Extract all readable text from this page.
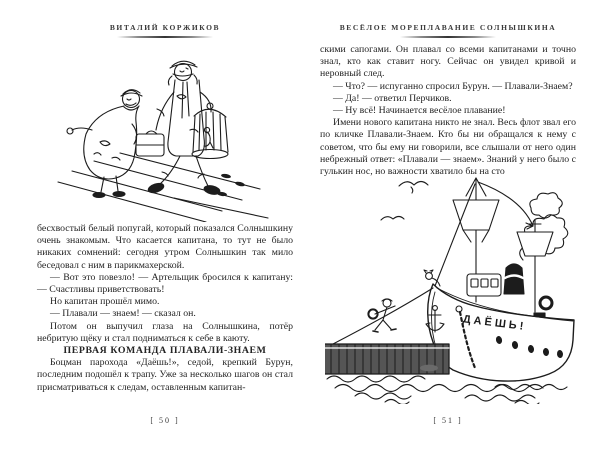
ВИТАЛИЙ КОРЖИКОВ

бесхвостый белый попугай, который показался Солнышкину очень знакомым. Что касается капитана, то тут не было никаких сомнений: сегодня утром Солнышкин так мило беседовал с ним в парикмахерской.

— Вот это повезло! — Артельщик бросился к капитану: — Счастливы приветствовать!

Но капитан прошёл мимо.

— Плавали — знаем! — сказал он.

Потом он выпучил глаза на Солнышкина, потёр небритую щёку и стал подниматься к себе в каюту.

ПЕРВАЯ КОМАНДА ПЛАВАЛИ-ЗНАЕМ

Боцман парохода «Даёшь!», седой, крепкий Бурун, последним подошёл к трапу. Уже за несколько шагов он стал присматриваться к следам, оставленным капитан-

[ 50 ]
ВЕСЁЛОЕ МОРЕПЛАВАНИЕ СОЛНЫШКИНА

скими сапогами. Он плавал со всеми капитанами и точно знал, кто как ставит ногу. Сейчас он увидел кривой и неровный след.

— Что? — испуганно спросил Бурун. — Плавали-Знаем?

— Да! — ответил Перчиков.

— Ну всё! Начинается весёлое плавание!

Имени нового капитана никто не знал. Весь флот звал его по кличке Плавали-Знаем. Кто бы ни обращался к нему с советом, что бы ему ни говорили, все слышали от него один небрежный ответ: «Плавали — знаем». Знаний у него было с гулькин нос, но важности хватило бы на сто

ДАЁШЬ!
[ 51 ]
